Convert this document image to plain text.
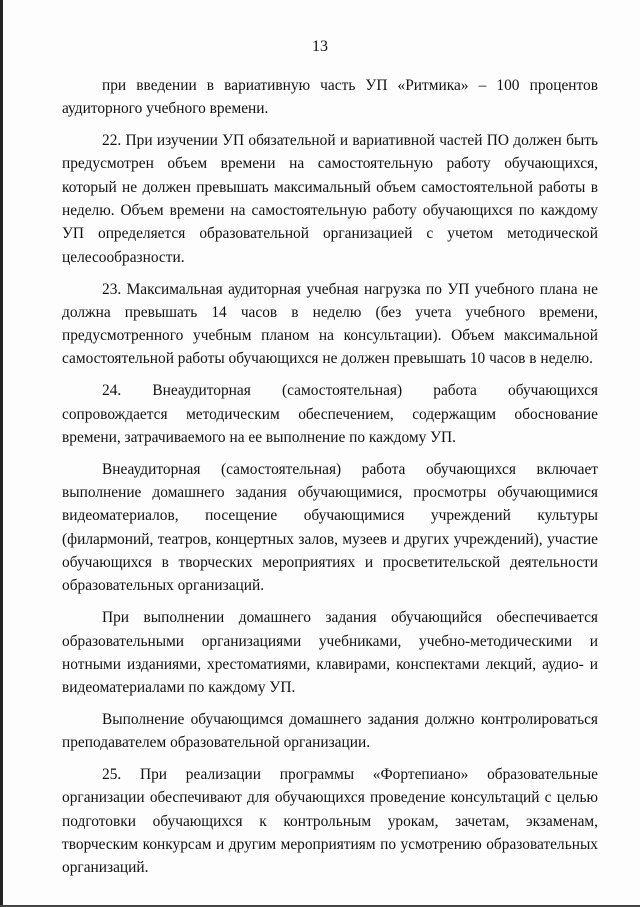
13

при введении в вариативную часть УП «Ритмика» – 100 процентов аудиторного учебного времени.

22. При изучении УП обязательной и вариативной частей ПО должен быть предусмотрен объем времени на самостоятельную работу обучающихся, который не должен превышать максимальный объем самостоятельной работы в неделю. Объем времени на самостоятельную работу обучающихся по каждому УП определяется образовательной организацией с учетом методической целесообразности.

23. Максимальная аудиторная учебная нагрузка по УП учебного плана не должна превышать 14 часов в неделю (без учета учебного времени, предусмотренного учебным планом на консультации). Объем максимальной самостоятельной работы обучающихся не должен превышать 10 часов в неделю.

24. Внеаудиторная (самостоятельная) работа обучающихся сопровождается методическим обеспечением, содержащим обоснование времени, затрачиваемого на ее выполнение по каждому УП.

Внеаудиторная (самостоятельная) работа обучающихся включает выполнение домашнего задания обучающимися, просмотры обучающимися видеоматериалов, посещение обучающимися учреждений культуры (филармоний, театров, концертных залов, музеев и других учреждений), участие обучающихся в творческих мероприятиях и просветительской деятельности образовательных организаций.

При выполнении домашнего задания обучающийся обеспечивается образовательными организациями учебниками, учебно-методическими и нотными изданиями, хрестоматиями, клавирами, конспектами лекций, аудио- и видеоматериалами по каждому УП.

Выполнение обучающимся домашнего задания должно контролироваться преподавателем образовательной организации.

25. При реализации программы «Фортепиано» образовательные организации обеспечивают для обучающихся проведение консультаций с целью подготовки обучающихся к контрольным урокам, зачетам, экзаменам, творческим конкурсам и другим мероприятиям по усмотрению образовательных организаций.
